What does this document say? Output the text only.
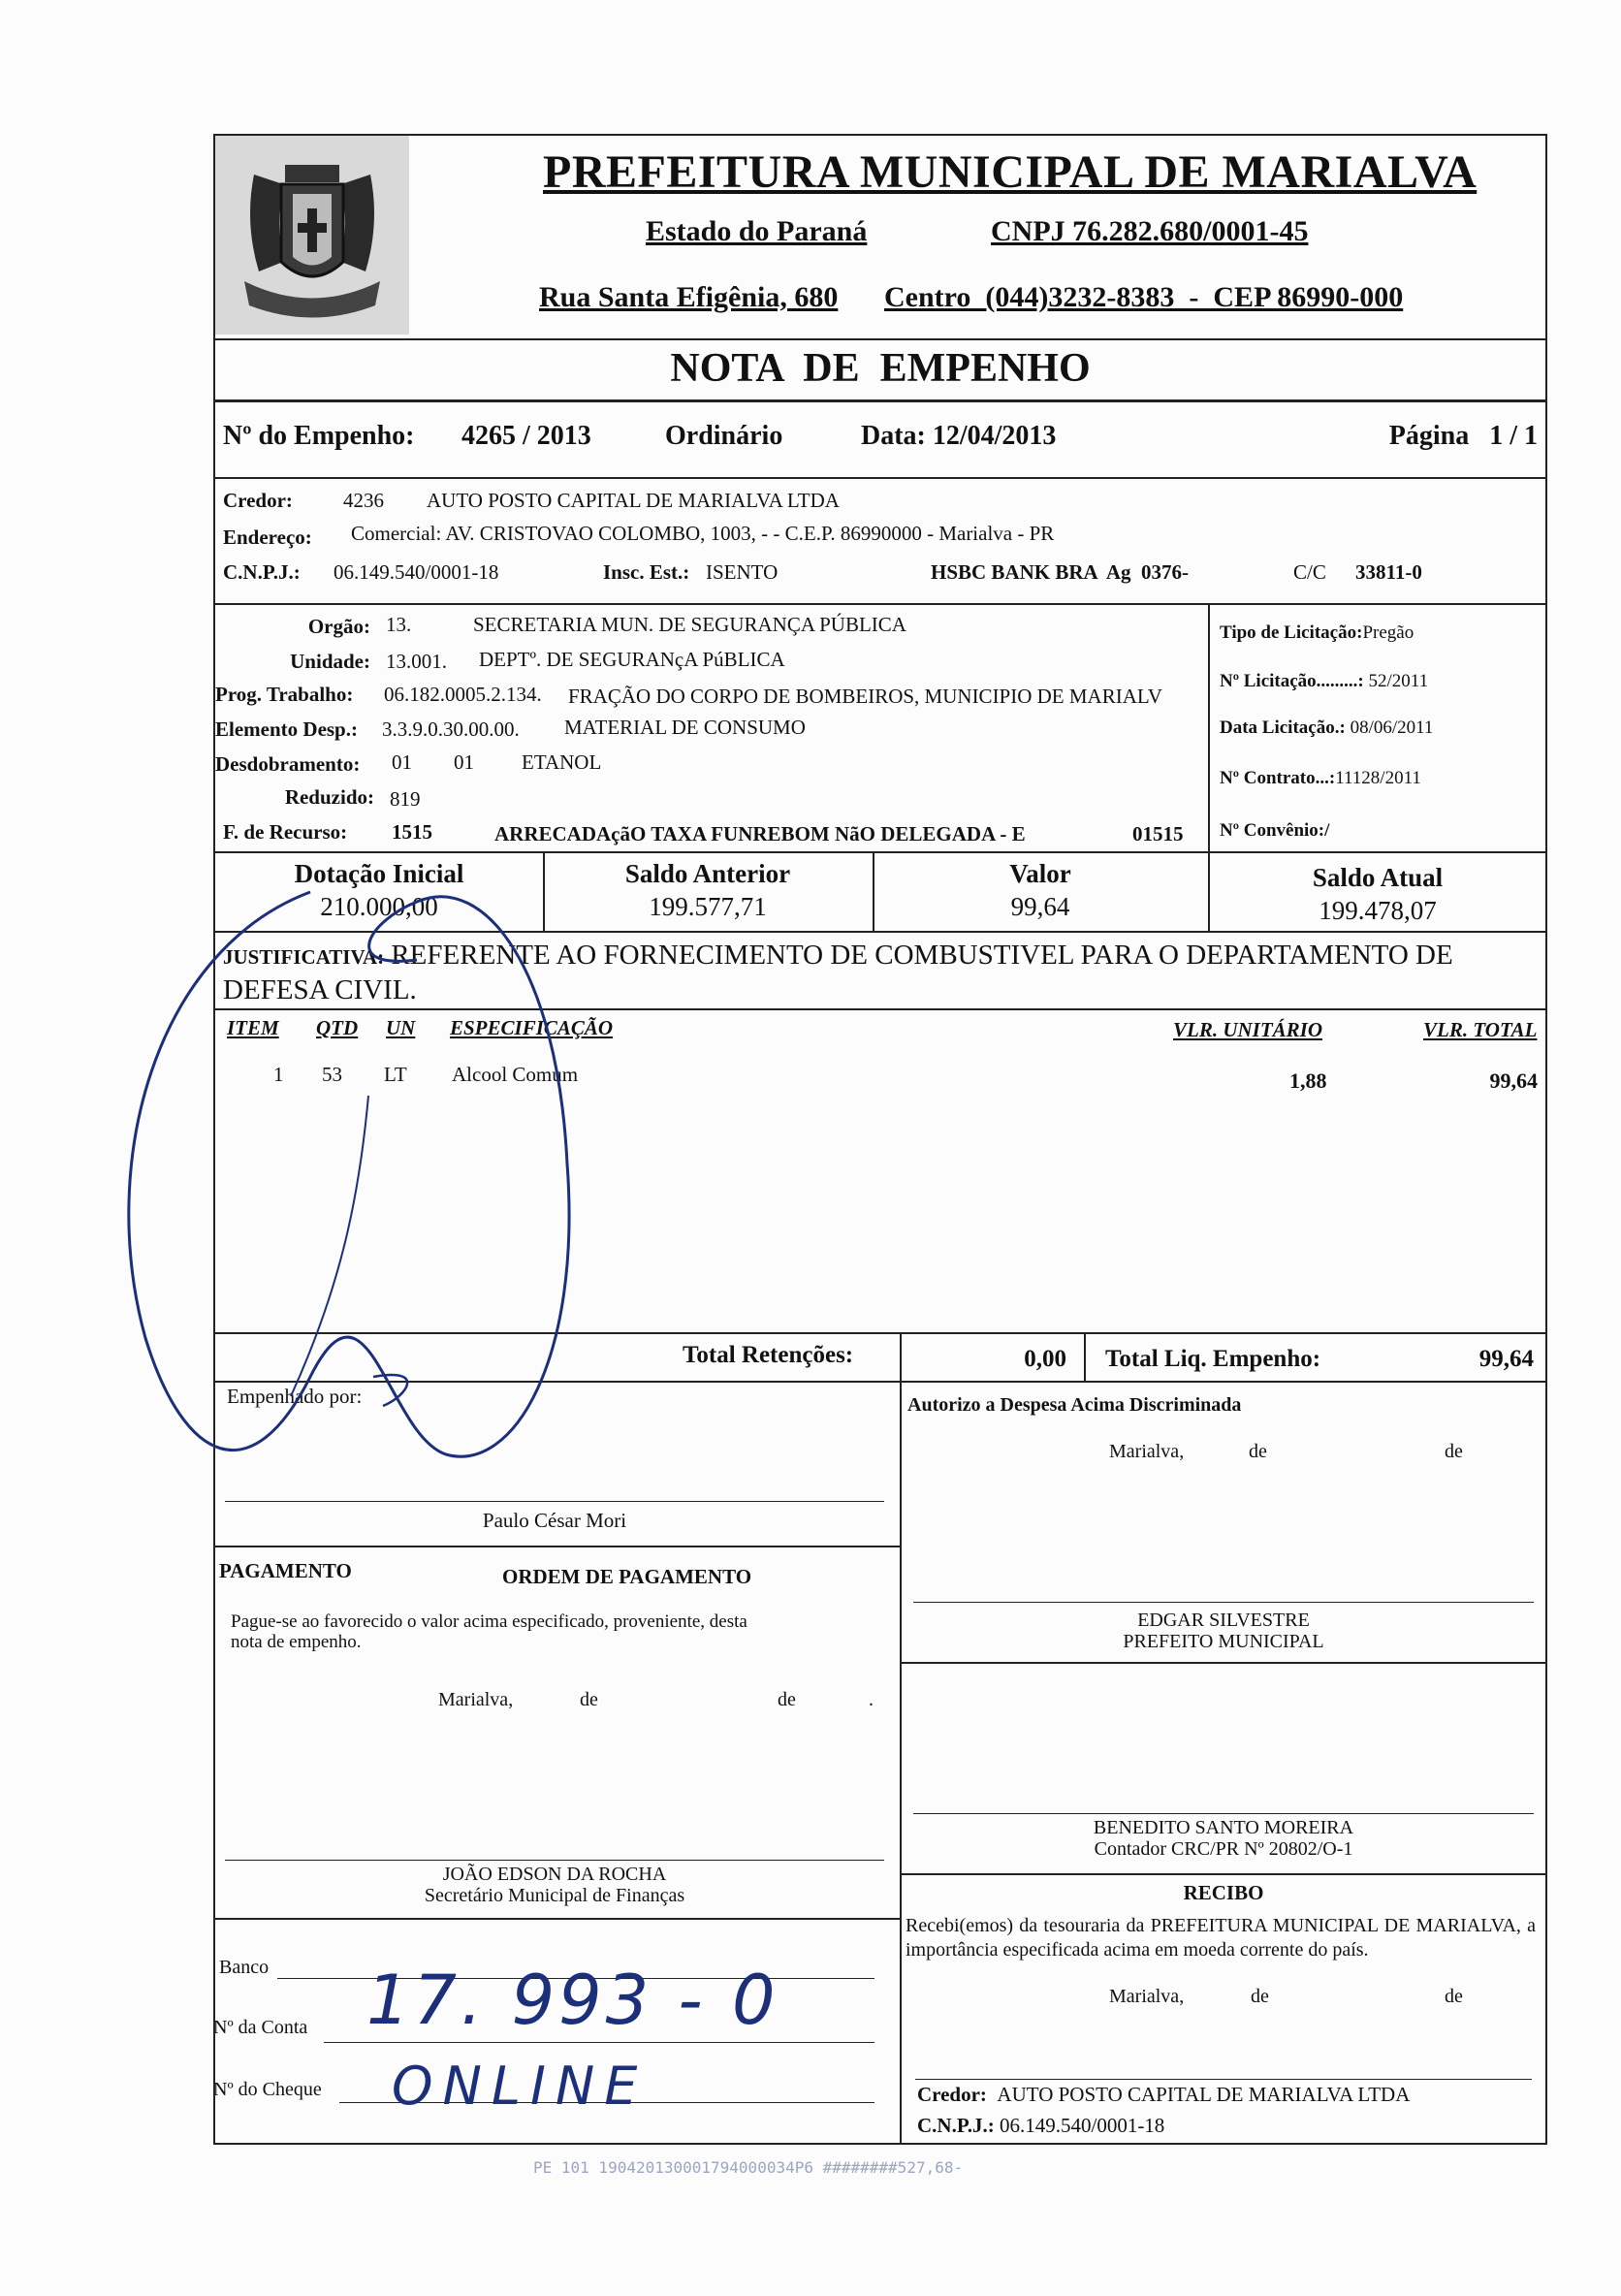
PREFEITURA MUNICIPAL DE MARIALVA
Estado do Paraná	CNPJ 76.282.680/0001-45
Rua Santa Efigênia, 680 Centro  (044)3232-8383  -  CEP 86990-000
NOTA  DE  EMPENHO
Nº do Empenho: 4265 / 2013	Ordinário	Data: 12/04/2013	Página   1 / 1
Credor: 4236 AUTO POSTO CAPITAL DE MARIALVA LTDA
Endereço: Comercial: AV. CRISTOVAO COLOMBO, 1003, - - C.E.P. 86990000 - Marialva - PR
C.N.P.J.: 06.149.540/0001-18	Insc. Est.: ISENTO	HSBC BANK BRA  Ag  0376-	C/C 33811-0
Orgão: 13.	SECRETARIA MUN. DE SEGURANÇA PÚBLICA
Unidade: 13.001. DEPTº. DE SEGURANçA PúBLICA
Prog. Trabalho: 06.182.0005.2.134. FRAÇÃO DO CORPO DE BOMBEIROS, MUNICIPIO DE MARIALV
Elemento Desp.: 3.3.9.0.30.00.00. MATERIAL DE CONSUMO
Desdobramento: 01 01 ETANOL
Reduzido: 819
F. de Recurso: 1515	ARRECADAçãO TAXA FUNREBOM NãO DELEGADA - E	01515
Tipo de Licitação:Pregão
Nº Licitação.........: 52/2011
Data Licitação.: 08/06/2011
Nº Contrato...:11128/2011
Nº Convênio:/
Dotação Inicial
210.000,00
Saldo Anterior
199.577,71
Valor
99,64
Saldo Atual
199.478,07
JUSTIFICATIVA: REFERENTE AO FORNECIMENTO DE COMBUSTIVEL PARA O DEPARTAMENTO DE
DEFESA CIVIL.
ITEM QTD UN ESPECIFICAÇÃO	VLR. UNITÁRIO	VLR. TOTAL
1 53 LT Alcool Comum	1,88	99,64
Total Retenções:	0,00 Total Liq. Empenho:	99,64
Empenhado por:
Paulo César Mori
Autorizo a Despesa Acima Discriminada
Marialva,	de	de
EDGAR SILVESTRE
PREFEITO MUNICIPAL
PAGAMENTO	ORDEM DE PAGAMENTO
Pague-se ao favorecido o valor acima especificado, proveniente, desta
nota de empenho.
Marialva,	de	de	.
JOÃO EDSON DA ROCHA
Secretário Municipal de Finanças
BENEDITO SANTO MOREIRA
Contador CRC/PR Nº 20802/O-1
RECIBO
Recebi(emos) da tesouraria da PREFEITURA MUNICIPAL DE MARIALVA, a importância especificada acima em moeda corrente do país.
Marialva,	de	de
Credor: AUTO POSTO CAPITAL DE MARIALVA LTDA
C.N.P.J.: 06.149.540/0001-18
Banco
Nº da Conta 17. 993 - 0
Nº do Cheque ONLINE
PE 101 190420130001794000034P6 ########527,68-
